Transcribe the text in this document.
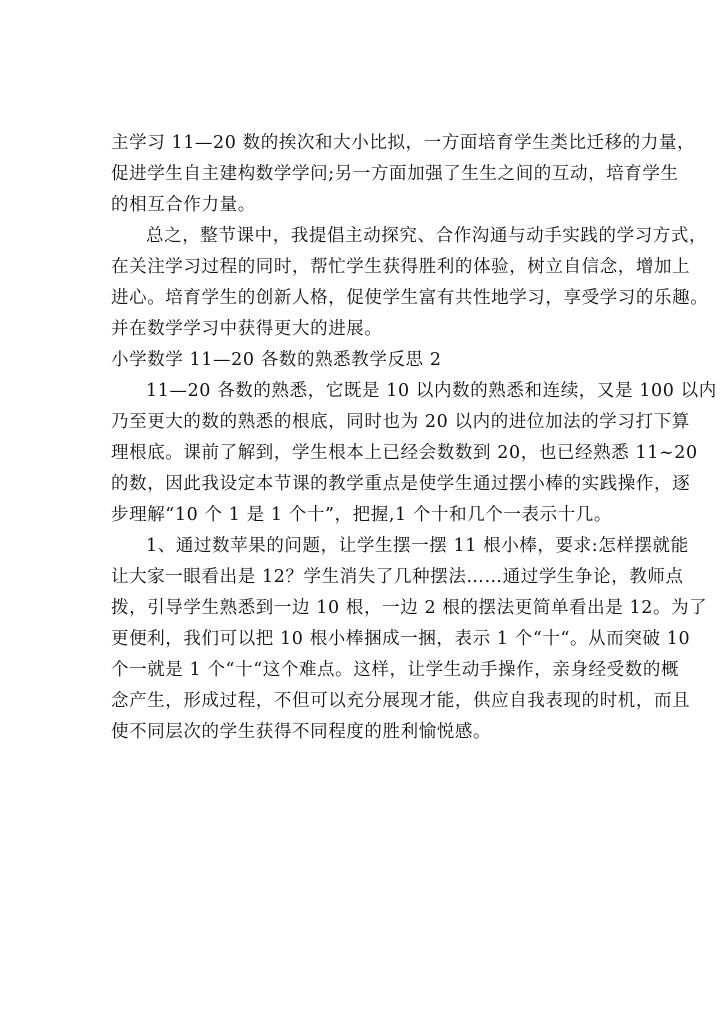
主学习 11—20 数的挨次和大小比拟，一方面培育学生类比迁移的力量，
促进学生自主建构数学学问;另一方面加强了生生之间的互动，培育学生
的相互合作力量。

总之，整节课中，我提倡主动探究、合作沟通与动手实践的学习方式，
在关注学习过程的同时，帮忙学生获得胜利的体验，树立自信念，增加上
进心。培育学生的创新人格，促使学生富有共性地学习，享受学习的乐趣。
并在数学学习中获得更大的进展。

小学数学 11—20 各数的熟悉教学反思 2

11—20 各数的熟悉，它既是 10 以内数的熟悉和连续，又是 100 以内
乃至更大的数的熟悉的根底，同时也为 20 以内的进位加法的学习打下算
理根底。课前了解到，学生根本上已经会数数到 20，也已经熟悉 11~20
的数，因此我设定本节课的教学重点是使学生通过摆小棒的实践操作，逐
步理解“10 个 1 是 1 个十”，把握,1 个十和几个一表示十几。

1、通过数苹果的问题，让学生摆一摆 11 根小棒，要求:怎样摆就能
让大家一眼看出是 12？学生消失了几种摆法……通过学生争论，教师点
拨，引导学生熟悉到一边 10 根，一边 2 根的摆法更简单看出是 12。为了
更便利，我们可以把 10 根小棒捆成一捆，表示 1 个“十“。从而突破 10
个一就是 1 个“十“这个难点。这样，让学生动手操作，亲身经受数的概
念产生，形成过程，不但可以充分展现才能，供应自我表现的时机，而且
使不同层次的学生获得不同程度的胜利愉悦感。
